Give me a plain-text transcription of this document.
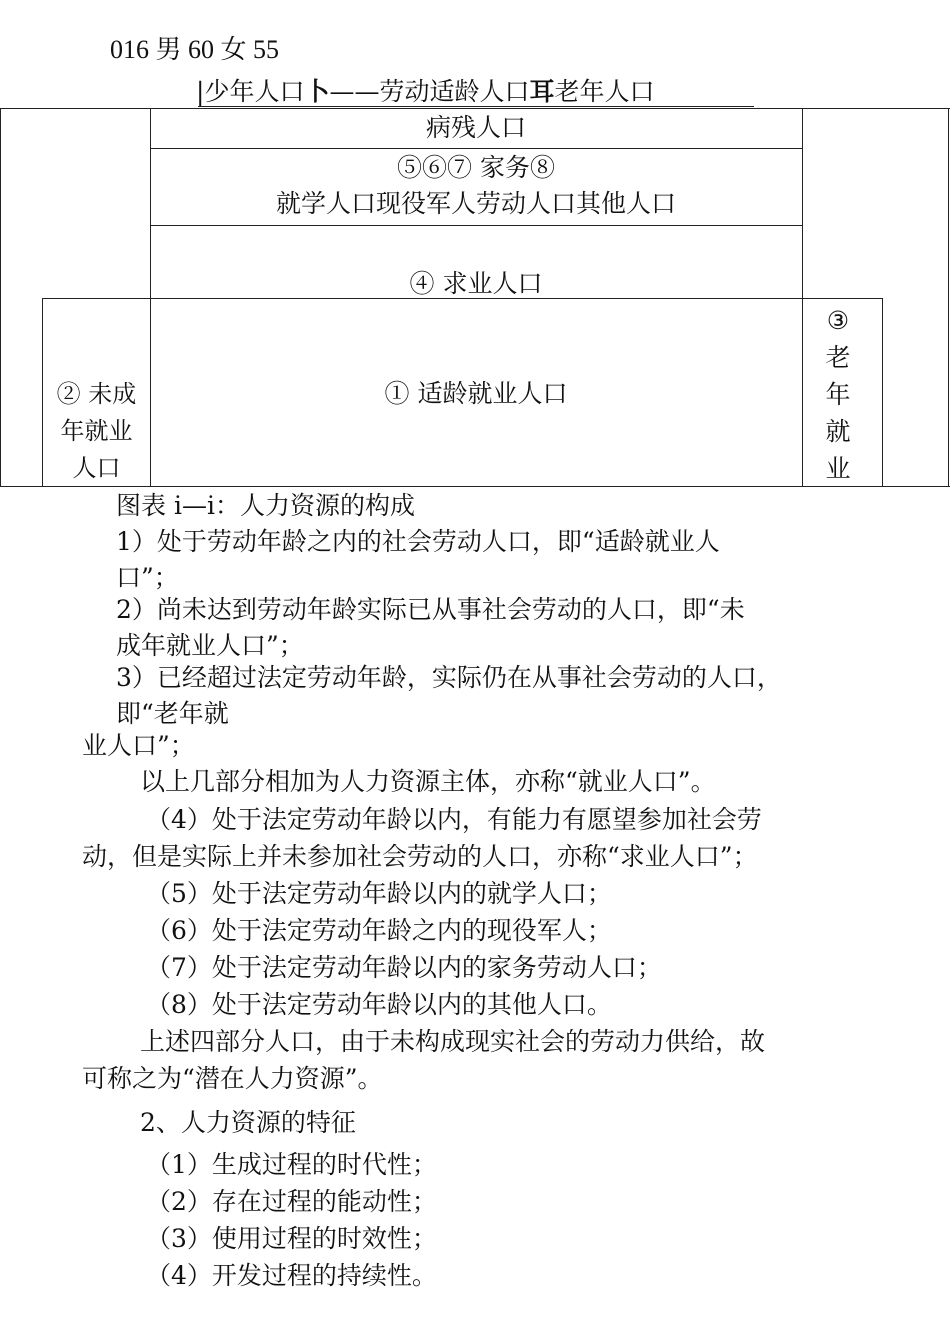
016 男 60 女 55
|少年人口卜——劳动适龄人口耳老年人口
病残人口
⑤⑥⑦ 家务⑧
就学人口现役军人劳动人口其他人口
④ 求业人口
① 适龄就业人口
② 未成
年就业
人口
③
老
年
就
业
图表 i—i：人力资源的构成
1）处于劳动年龄之内的社会劳动人口，即“适龄就业人
口”；
2）尚未达到劳动年龄实际已从事社会劳动的人口，即“未
成年就业人口”；
3）已经超过法定劳动年龄，实际仍在从事社会劳动的人口，
即“老年就
业人口”；
以上几部分相加为人力资源主体，亦称“就业人口”。
（4）处于法定劳动年龄以内，有能力有愿望参加社会劳
动，但是实际上并未参加社会劳动的人口，亦称“求业人口”；
（5）处于法定劳动年龄以内的就学人口；
（6）处于法定劳动年龄之内的现役军人；
（7）处于法定劳动年龄以内的家务劳动人口；
（8）处于法定劳动年龄以内的其他人口。
上述四部分人口，由于未构成现实社会的劳动力供给，故
可称之为“潜在人力资源”。
2、人力资源的特征
（1）生成过程的时代性；
（2）存在过程的能动性；
（3）使用过程的时效性；
（4）开发过程的持续性。
